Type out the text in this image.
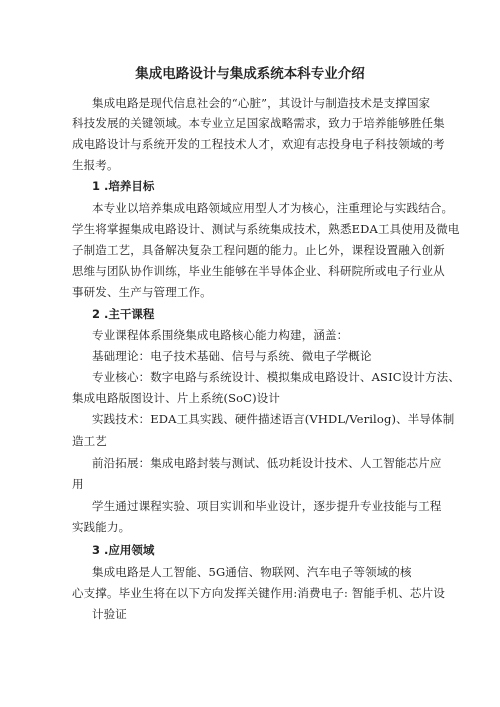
集成电路设计与集成系统本科专业介绍
集成电路是现代信息社会的“心脏”，其设计与制造技术是支撑国家
科技发展的关键领域。本专业立足国家战略需求，致力于培养能够胜任集
成电路设计与系统开发的工程技术人才，欢迎有志投身电子科技领域的考
生报考。
1 .培养目标
本专业以培养集成电路领域应用型人才为核心，注重理论与实践结合。
学生将掌握集成电路设计、测试与系统集成技术，熟悉EDA工具使用及微电
子制造工艺，具备解决复杂工程问题的能力。止匕外，课程设置融入创新
思维与团队协作训练，毕业生能够在半导体企业、科研院所或电子行业从
事研发、生产与管理工作。
2 .主干课程
专业课程体系围绕集成电路核心能力构建，涵盖：
基础理论：电子技术基础、信号与系统、微电子学概论
专业核心：数字电路与系统设计、模拟集成电路设计、ASIC设计方法、
集成电路版图设计、片上系统(SoC)设计
实践技术：EDA工具实践、硬件描述语言(VHDL/Verilog)、半导体制
造工艺
前沿拓展：集成电路封装与测试、低功耗设计技术、人工智能芯片应
用
学生通过课程实验、项目实训和毕业设计，逐步提升专业技能与工程
实践能力。
3 .应用领域
集成电路是人工智能、5G通信、物联网、汽车电子等领域的核
心支撑。毕业生将在以下方向发挥关键作用:消费电子: 智能手机、芯片设
计验证
